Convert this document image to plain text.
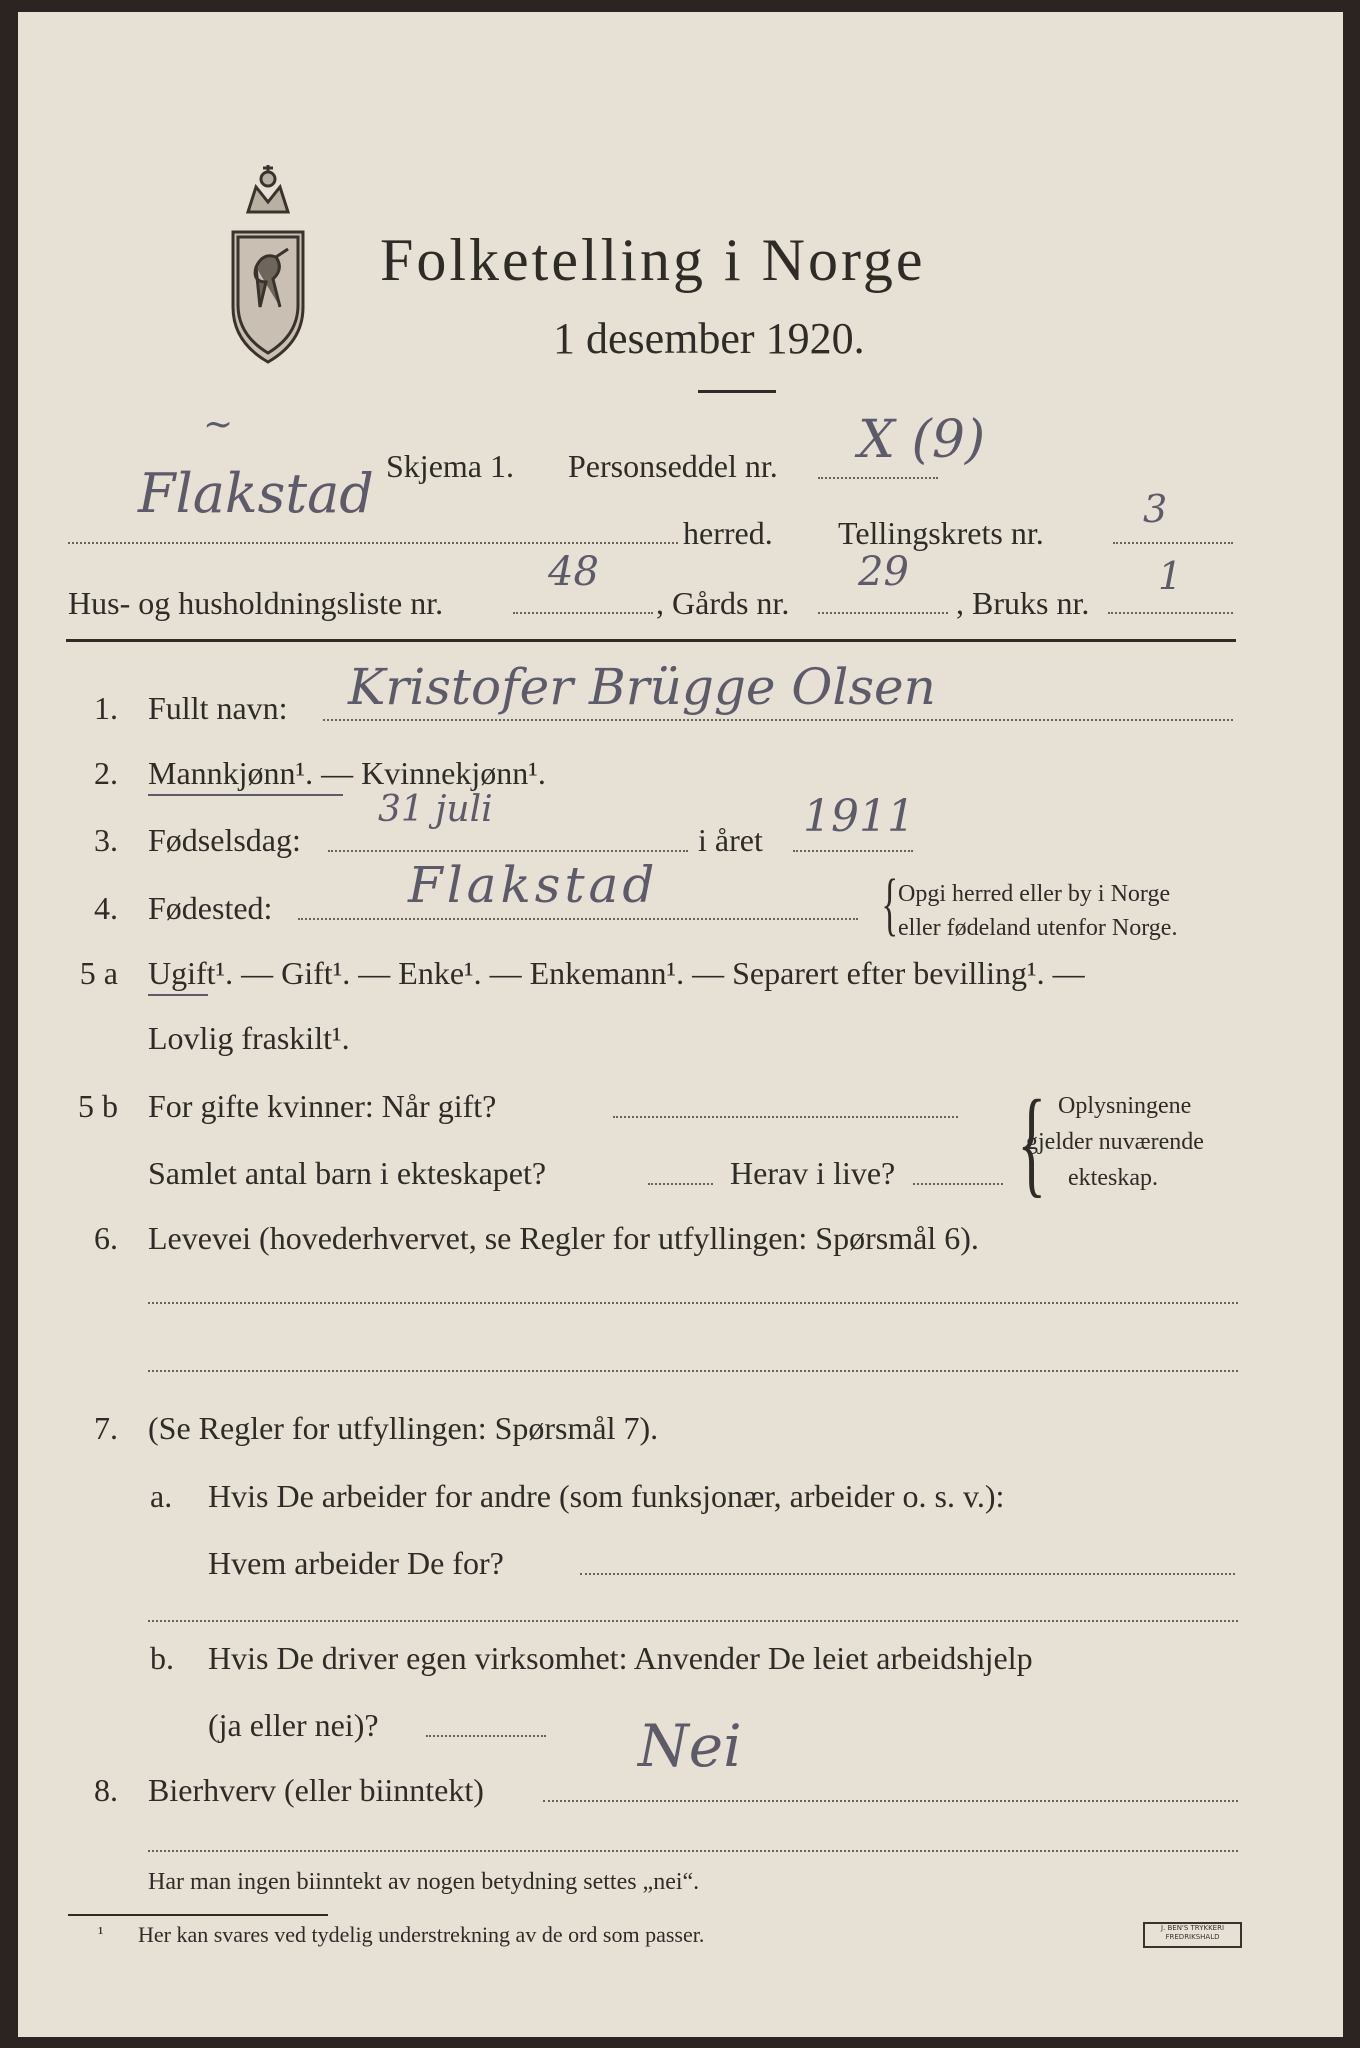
Folketelling i Norge
1 desember 1920.
~
Skjema 1. Personseddel nr. X (9)
Flakstad
herred. Tellingskrets nr.
3
Hus- og husholdningsliste nr.
48
, Gårds nr.
29
, Bruks nr.
1
1. Fullt navn: Kristofer Brügge Olsen
2. Mannkjønn¹. — Kvinnekjønn¹.
3. Fødselsdag:
31 juli
i året 1911
4. Fødested:	Flakstad	{ Opgi herred eller by i Norge
eller fødeland utenfor Norge.
5 a Ugift¹. — Gift¹. — Enke¹. — Enkemann¹. — Separert efter bevilling¹. —
Lovlig fraskilt¹.
5 b For gifte kvinner: Når gift?
Samlet antal barn i ekteskapet?	Herav i live? { Oplysningene
gjelder nuværende
ekteskap.
6. Levevei (hovederhvervet, se Regler for utfyllingen: Spørsmål 6).
7. (Se Regler for utfyllingen: Spørsmål 7).
a. Hvis De arbeider for andre (som funksjonær, arbeider o. s. v.):
Hvem arbeider De for?
b. Hvis De driver egen virksomhet: Anvender De leiet arbeidshjelp
(ja eller nei)?
8. Bierhverv (eller biinntekt)
Nei
Har man ingen biinntekt av nogen betydning settes „nei“.
¹ Her kan svares ved tydelig understrekning av de ord som passer.	J. BEN'S TRYKKERI FREDRIKSHALD
